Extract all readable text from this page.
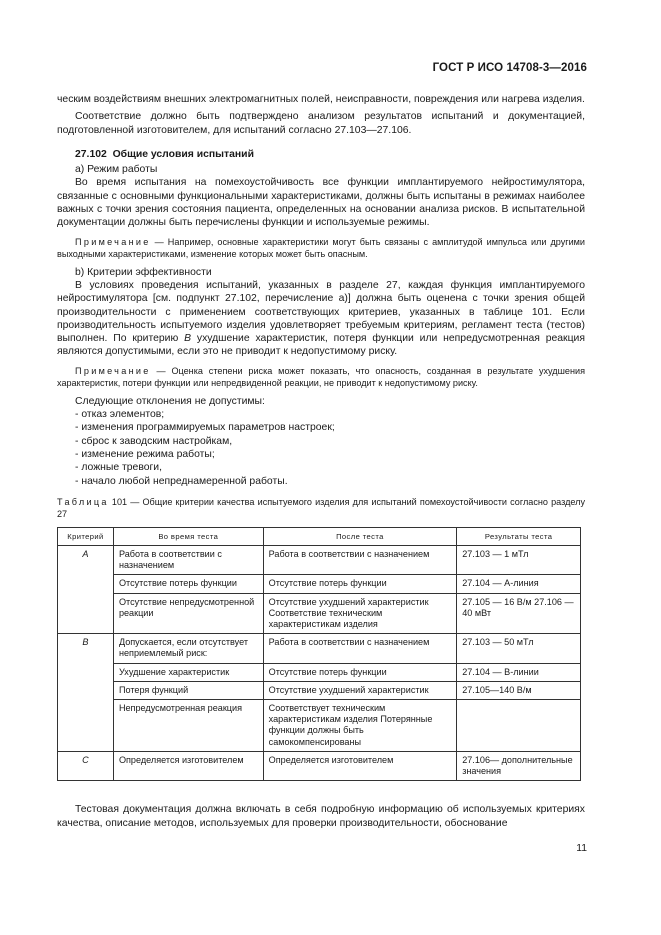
ГОСТ Р ИСО 14708-3—2016

ческим воздействиям внешних электромагнитных полей, неисправности, повреждения или нагрева изделия.

Соответствие должно быть подтверждено анализом результатов испытаний и документацией, подготовленной изготовителем, для испытаний согласно 27.103—27.106.

27.102 Общие условия испытаний

а) Режим работы

Во время испытания на помехоустойчивость все функции имплантируемого нейростимулятора, связанные с основными функциональными характеристиками, должны быть испытаны в режимах наиболее важных с точки зрения состояния пациента, определенных на основании анализа рисков. В испытательной документации должны быть перечислены функции и используемые режимы.

Примечание — Например, основные характеристики могут быть связаны с амплитудой импульса или другими выходными характеристиками, изменение которых может быть опасным.

b) Критерии эффективности

В условиях проведения испытаний, указанных в разделе 27, каждая функция имплантируемого нейростимулятора [см. подпункт 27.102, перечисление а)] должна быть оценена с точки зрения общей производительности с применением соответствующих критериев, указанных в таблице 101. Если производительность испытуемого изделия удовлетворяет требуемым критериям, регламент теста (тестов) выполнен. По критерию B ухудшение характеристик, потеря функции или непредусмотренная реакция являются допустимыми, если это не приводит к недопустимому риску.

Примечание — Оценка степени риска может показать, что опасность, созданная в результате ухудшения характеристик, потери функции или непредвиденной реакции, не приводит к недопустимому риску.

Следующие отклонения не допустимы:

- отказ элементов;
- изменения программируемых параметров настроек;
- сброс к заводским настройкам,
- изменение режима работы;
- ложные тревоги,
- начало любой непреднамеренной работы.

Таблица 101 — Общие критерии качества испытуемого изделия для испытаний помехоустойчивости согласно разделу 27

Критерий	Во время теста	После теста	Результаты теста
A	Работа в соответствии с назначением	Работа в соответствии с назначением	27.103 — 1 мТл
	Отсутствие потерь функции	Отсутствие потерь функции	27.104 — А-линия
	Отсутствие непредусмотренной реакции	Отсутствие ухудшений характеристик Соответствие техническим характеристикам изделия	27.105 — 16 В/м 27.106 — 40 мВт
B	Допускается, если отсутствует неприемлемый риск:	Работа в соответствии с назначением	27.103 — 50 мТл
	Ухудшение характеристик	Отсутствие потерь функции	27.104 — В-линии
	Потеря функций	Отсутствие ухудшений характеристик	27.105—140 В/м
	Непредусмотренная реакция	Соответствует техническим характеристикам изделия Потерянные функции должны быть самокомпенсированы	
C	Определяется изготовителем	Определяется изготовителем	27.106— дополнительные значения

Тестовая документация должна включать в себя подробную информацию об используемых критериях качества, описание методов, используемых для проверки производительности, обоснование

11
